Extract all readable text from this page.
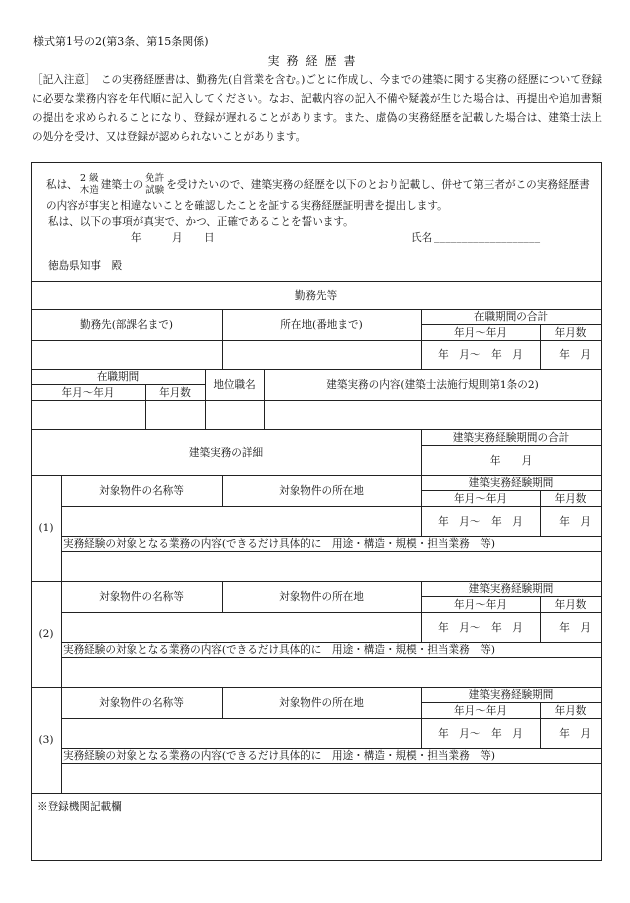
様式第1号の2(第3条、第15条関係)
実務経歴書
［記入注意］　この実務経歴書は、勤務先(自営業を含む。)ごとに作成し、今までの建築に関する実務の経歴について登録に必要な業務内容を年代順に記入してください。なお、記載内容の記入不備や疑義が生じた場合は、再提出や追加書類の提出を求められることになり、登録が遅れることがあります。また、虚偽の実務経歴を記載した場合は、建築士法上の処分を受け、又は登録が認められないことがあります。
私は、
2 級
木造 建築士の
免許
試験 を受けたいので、建築実務の経歴を以下のとおり記載し、併せて第三者がこの実務経歴書の内容が事実と相違ないことを確認したことを証する実務経歴証明書を提出します。
私は、以下の事項が真実で、かつ、正確であることを誓います。
年	月 日	氏名 ___________________
徳島県知事　殿
勤務先等
勤務先(部課名まで)	所在地(番地まで)
在職期間の合計
年月～年月	年月数
年　月～　年　月	年　月
在職期間
年月～年月	年月数
地位職名	建築実務の内容(建築士法施行規則第1条の2)
建築実務の詳細
建築実務経験期間の合計
年　　月
(1)
対象物件の名称等	対象物件の所在地
建築実務経験期間
年月～年月	年月数
年　月～　年　月	年　月
実務経験の対象となる業務の内容(できるだけ具体的に　用途・構造・規模・担当業務　等)
(2)
対象物件の名称等	対象物件の所在地
建築実務経験期間
年月～年月	年月数
年　月～　年　月	年　月
実務経験の対象となる業務の内容(できるだけ具体的に　用途・構造・規模・担当業務　等)
(3)
対象物件の名称等	対象物件の所在地
建築実務経験期間
年月～年月	年月数
年　月～　年　月	年　月
実務経験の対象となる業務の内容(できるだけ具体的に　用途・構造・規模・担当業務　等)
※登録機関記載欄
